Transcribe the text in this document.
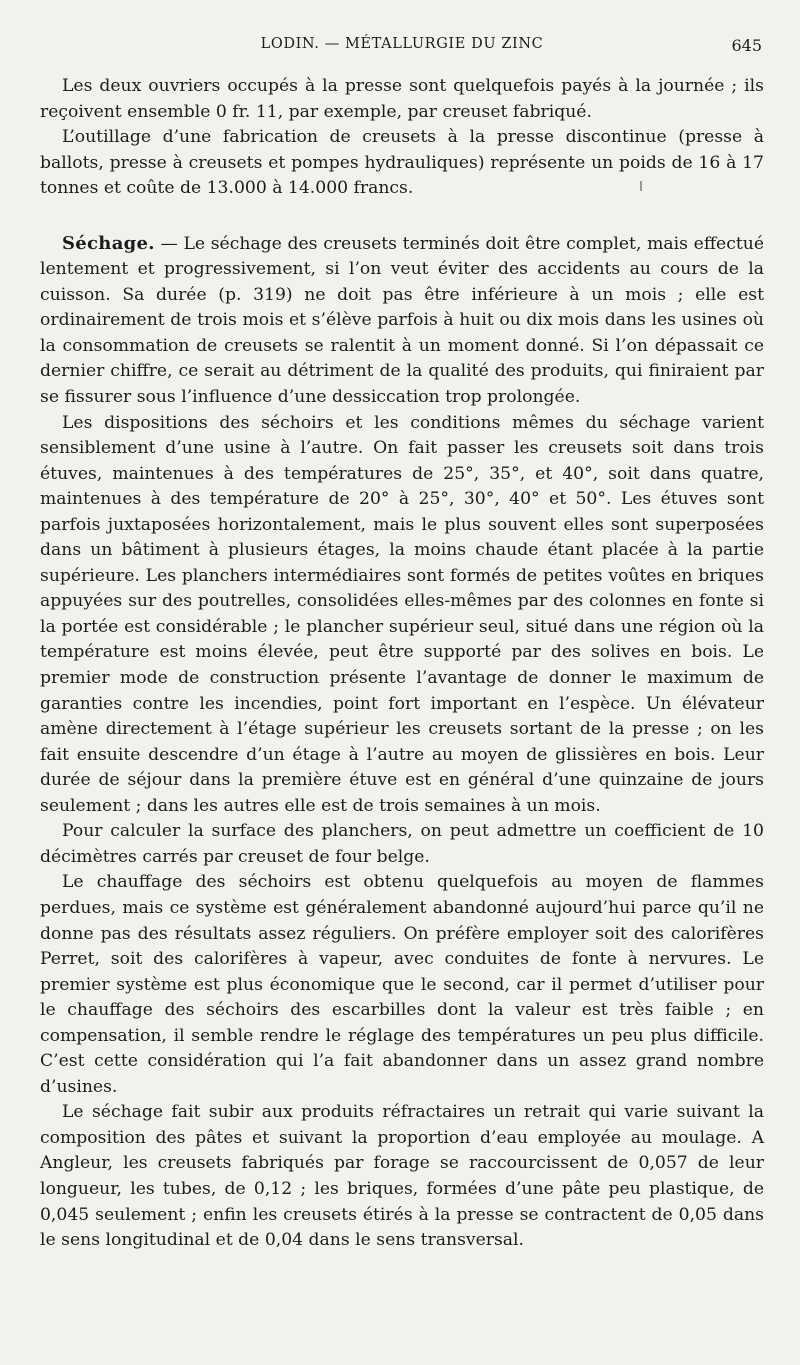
LODIN. — MÉTALLURGIE DU ZINC	645

Les deux ouvriers occupés à la presse sont quelquefois payés à la journée ; ils reçoivent ensemble 0 fr. 11, par exemple, par creuset fabriqué.

L’outillage d’une fabrication de creusets à la presse discontinue (presse à ballots, presse à creusets et pompes hydrauliques) représente un poids de 16 à 17 tonnes et coûte de 13.000 à 14.000 francs.

Séchage. — Le séchage des creusets terminés doit être complet, mais effectué lentement et progressivement, si l’on veut éviter des accidents au cours de la cuisson. Sa durée (p. 319) ne doit pas être inférieure à un mois ; elle est ordinairement de trois mois et s’élève parfois à huit ou dix mois dans les usines où la consommation de creusets se ralentit à un moment donné. Si l’on dépassait ce dernier chiffre, ce serait au détriment de la qualité des produits, qui finiraient par se fissurer sous l’influence d’une dessiccation trop prolongée.

Les dispositions des séchoirs et les conditions mêmes du séchage varient sensiblement d’une usine à l’autre. On fait passer les creusets soit dans trois étuves, maintenues à des températures de 25°, 35°, et 40°, soit dans quatre, maintenues à des température de 20° à 25°, 30°, 40° et 50°. Les étuves sont parfois juxtaposées horizontalement, mais le plus souvent elles sont superposées dans un bâtiment à plusieurs étages, la moins chaude étant placée à la partie supérieure. Les planchers intermédiaires sont formés de petites voûtes en briques appuyées sur des poutrelles, consolidées elles-mêmes par des colonnes en fonte si la portée est considérable ; le plancher supérieur seul, situé dans une région où la température est moins élevée, peut être supporté par des solives en bois. Le premier mode de construction présente l’avantage de donner le maximum de garanties contre les incendies, point fort important en l’espèce. Un élévateur amène directement à l’étage supérieur les creusets sortant de la presse ; on les fait ensuite descendre d’un étage à l’autre au moyen de glissières en bois. Leur durée de séjour dans la première étuve est en général d’une quinzaine de jours seulement ; dans les autres elle est de trois semaines à un mois.

Pour calculer la surface des planchers, on peut admettre un coefficient de 10 décimètres carrés par creuset de four belge.

Le chauffage des séchoirs est obtenu quelquefois au moyen de flammes perdues, mais ce système est généralement abandonné aujourd’hui parce qu’il ne donne pas des résultats assez réguliers. On préfère employer soit des calorifères Perret, soit des calorifères à vapeur, avec conduites de fonte à nervures. Le premier système est plus économique que le second, car il permet d’utiliser pour le chauffage des séchoirs des escarbilles dont la valeur est très faible ; en compensation, il semble rendre le réglage des températures un peu plus difficile. C’est cette considération qui l’a fait abandonner dans un assez grand nombre d’usines.

Le séchage fait subir aux produits réfractaires un retrait qui varie suivant la composition des pâtes et suivant la proportion d’eau employée au moulage. A Angleur, les creusets fabriqués par forage se raccourcissent de 0,057 de leur longueur, les tubes, de 0,12 ; les briques, formées d’une pâte peu plastique, de 0,045 seulement ; enfin les creusets étirés à la presse se contractent de 0,05 dans le sens longitudinal et de 0,04 dans le sens transversal.
